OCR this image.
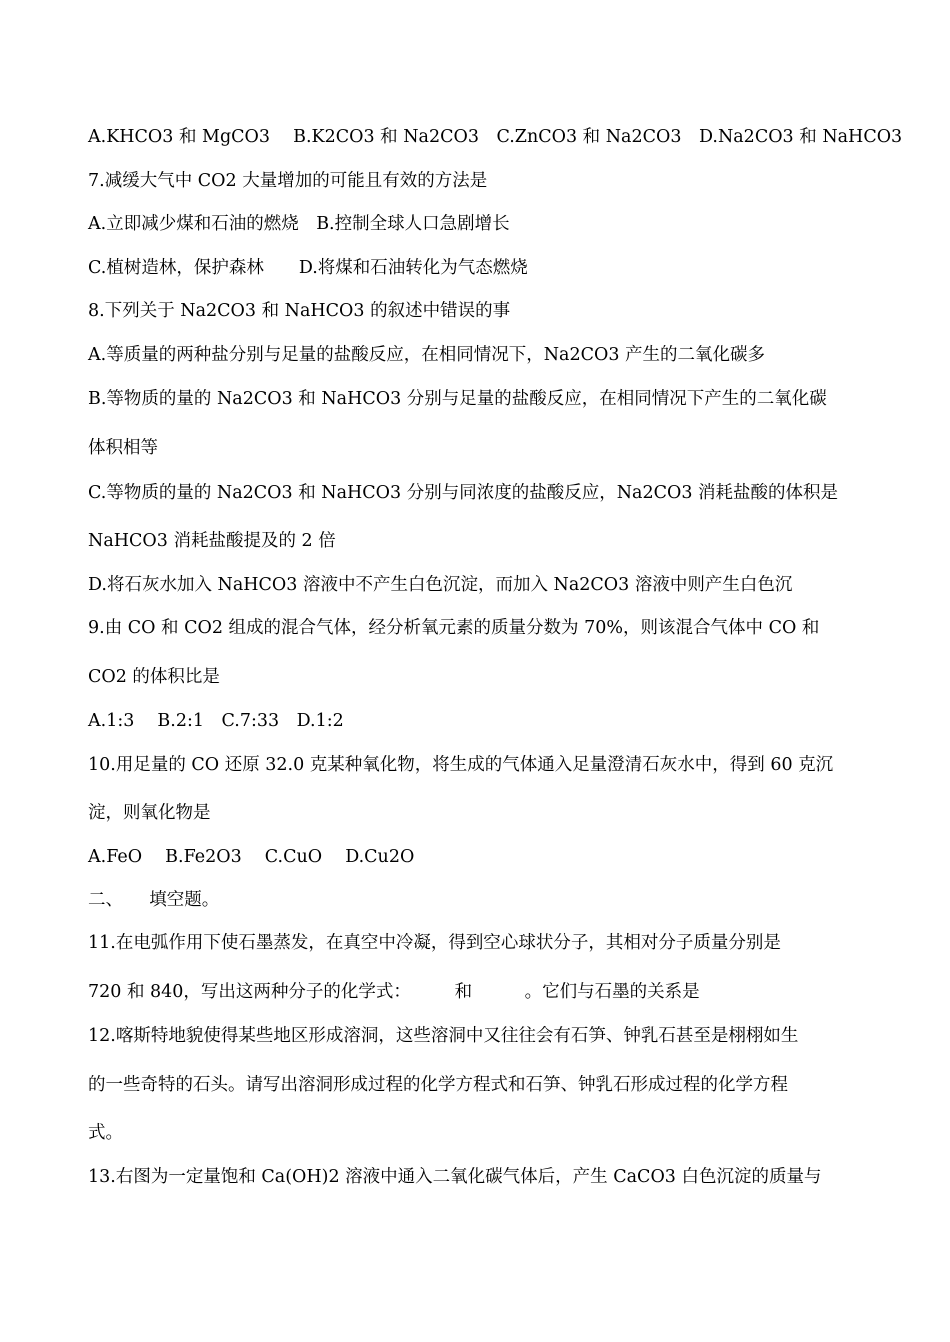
A.KHCO3 和 MgCO3　 B.K2CO3 和 Na2CO3　C.ZnCO3 和 Na2CO3　D.Na2CO3 和 NaHCO3
7.减缓大气中 CO2 大量增加的可能且有效的方法是
A.立即减少煤和石油的燃烧　B.控制全球人口急剧增长
C.植树造林，保护森林　　D.将煤和石油转化为气态燃烧
8.下列关于 Na2CO3 和 NaHCO3 的叙述中错误的事
A.等质量的两种盐分别与足量的盐酸反应，在相同情况下，Na2CO3 产生的二氧化碳多
B.等物质的量的 Na2CO3 和 NaHCO3 分别与足量的盐酸反应，在相同情况下产生的二氧化碳
体积相等
C.等物质的量的 Na2CO3 和 NaHCO3 分别与同浓度的盐酸反应，Na2CO3 消耗盐酸的体积是
NaHCO3 消耗盐酸提及的 2 倍
D.将石灰水加入 NaHCO3 溶液中不产生白色沉淀，而加入 Na2CO3 溶液中则产生白色沉
9.由 CO 和 CO2 组成的混合气体，经分析氧元素的质量分数为 70%，则该混合气体中 CO 和
CO2 的体积比是
A.1:3　 B.2:1　C.7:33　D.1:2
10.用足量的 CO 还原 32.0 克某种氧化物，将生成的气体通入足量澄清石灰水中，得到 60 克沉
淀，则氧化物是
A.FeO　 B.Fe2O3　 C.CuO　 D.Cu2O
二、　　填空题。
11.在电弧作用下使石墨蒸发，在真空中冷凝，得到空心球状分子，其相对分子质量分别是
720 和 840，写出这两种分子的化学式：　　　和　　　。它们与石墨的关系是
12.喀斯特地貌使得某些地区形成溶洞，这些溶洞中又往往会有石笋、钟乳石甚至是栩栩如生
的一些奇特的石头。请写出溶洞形成过程的化学方程式和石笋、钟乳石形成过程的化学方程
式。
13.右图为一定量饱和 Ca(OH)2 溶液中通入二氧化碳气体后，产生 CaCO3 白色沉淀的质量与
